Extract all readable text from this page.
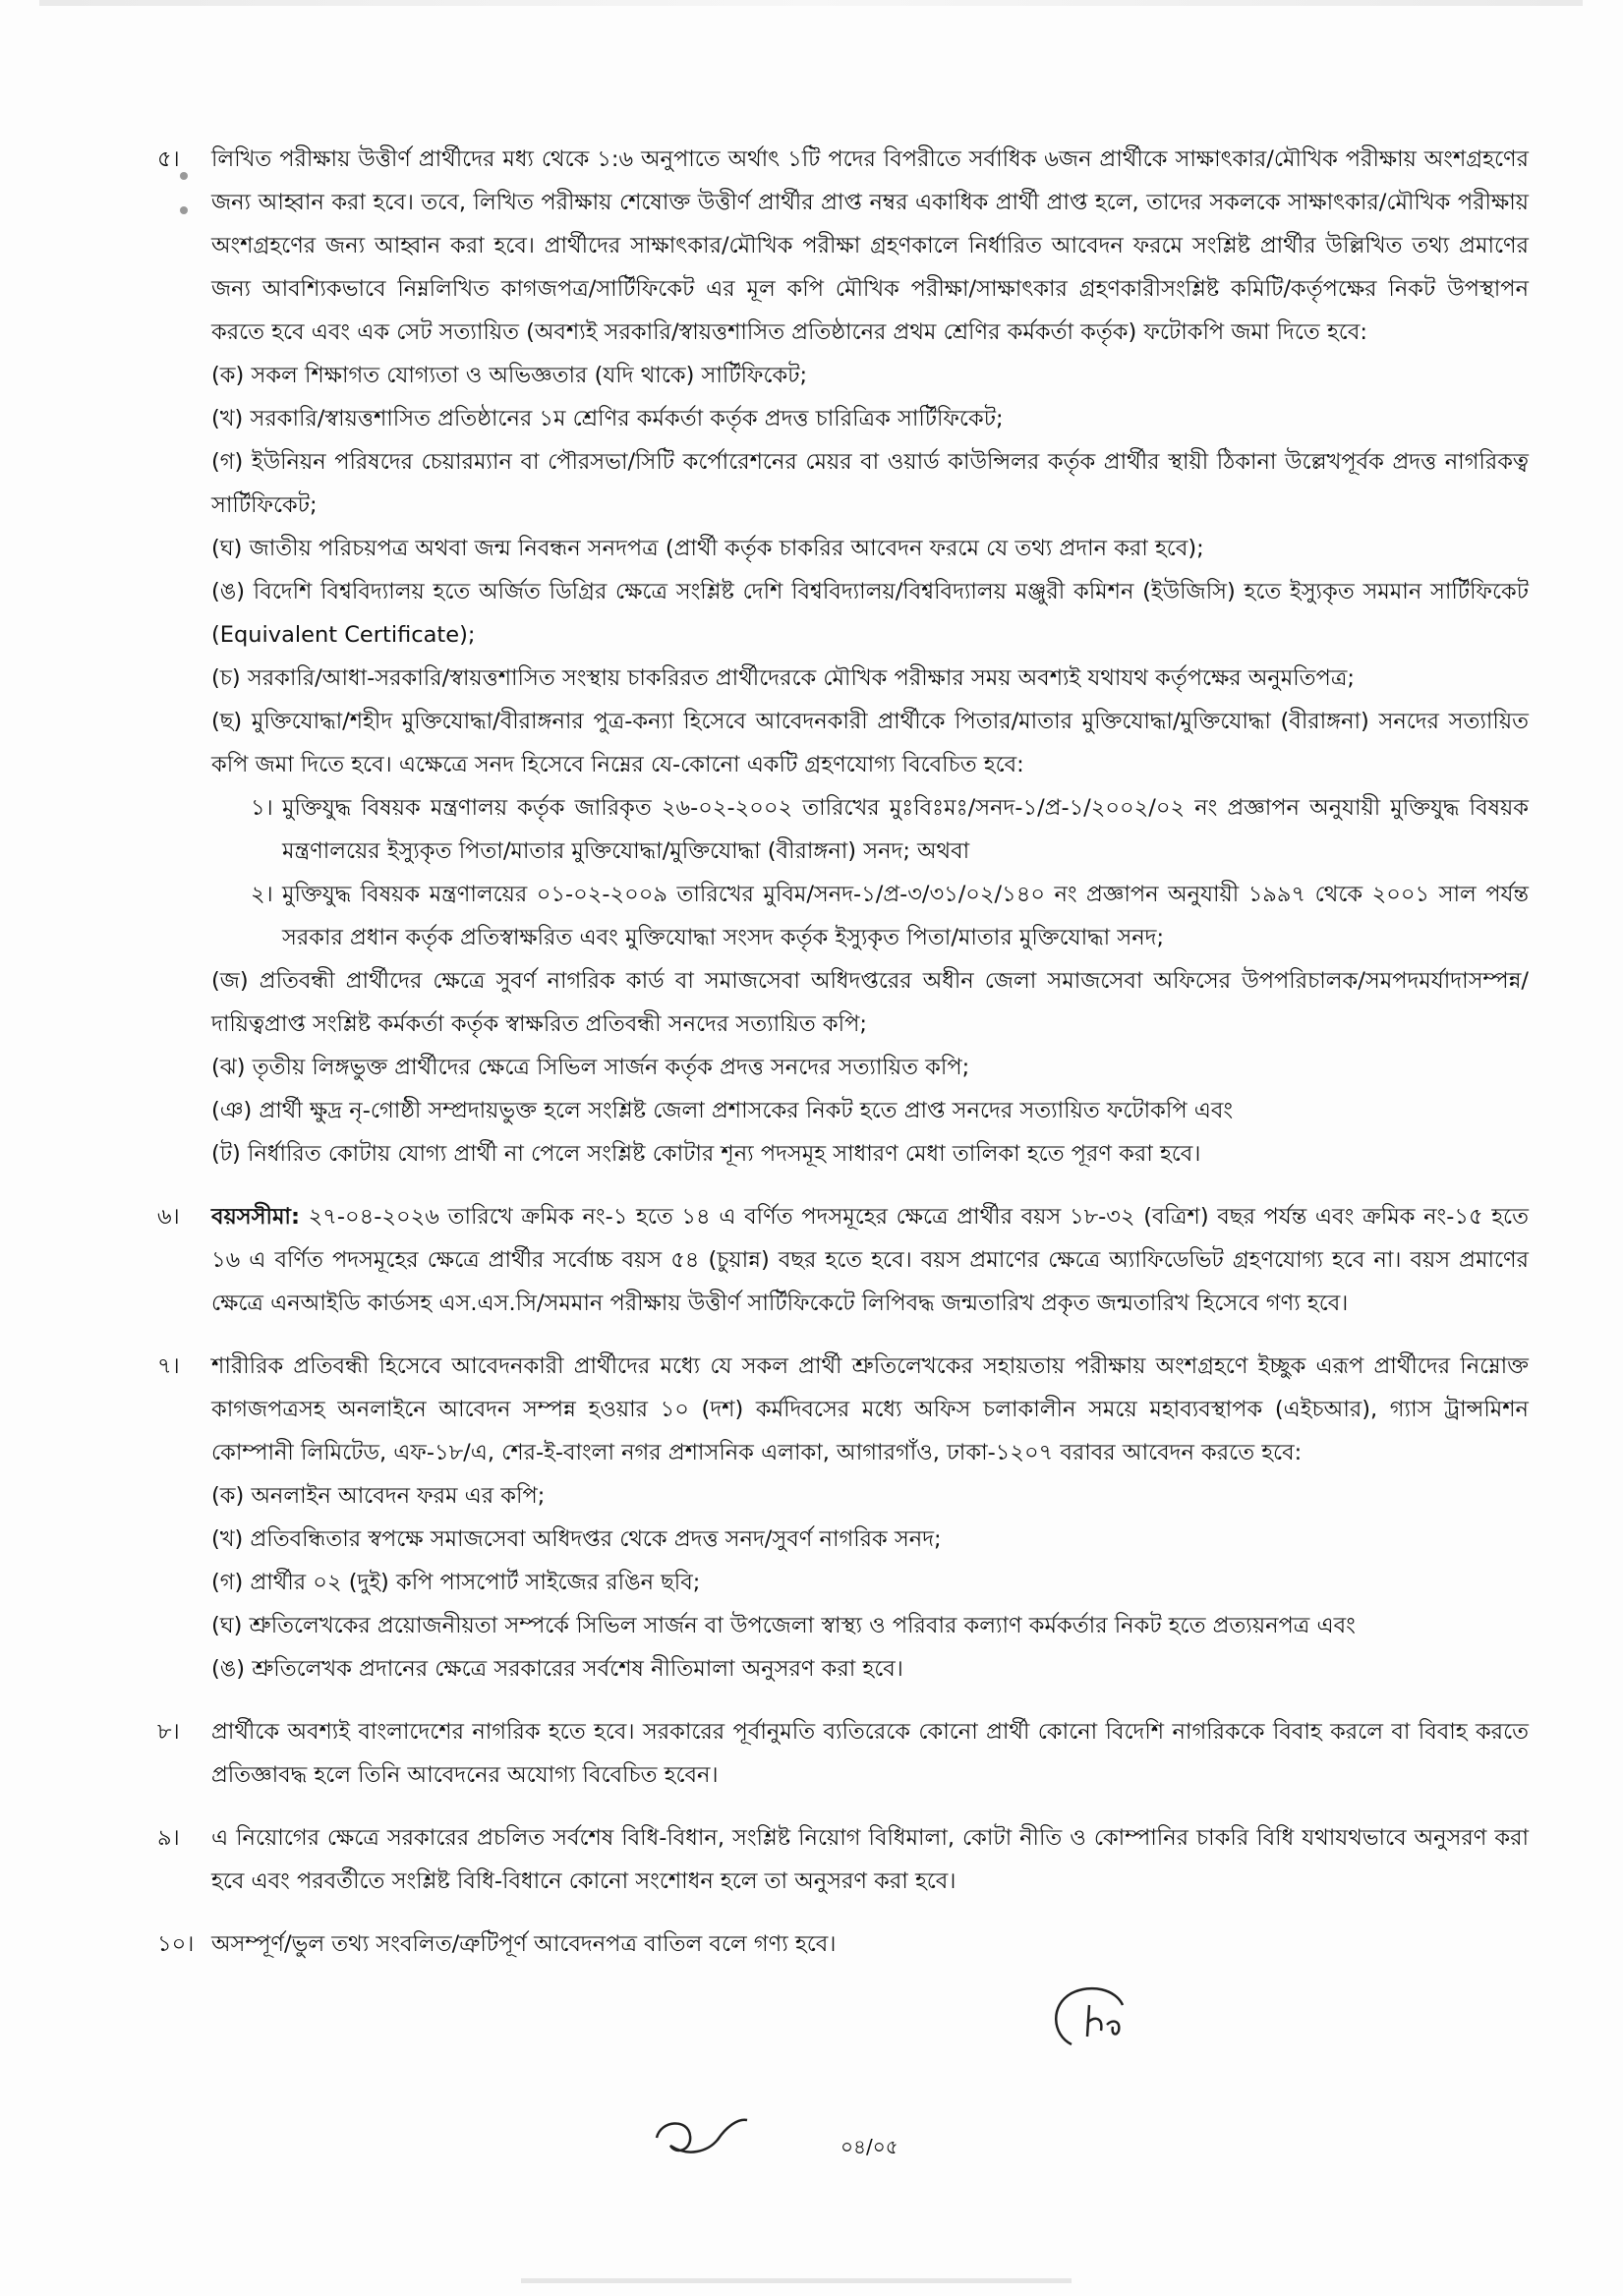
৫। লিখিত পরীক্ষায় উত্তীর্ণ প্রার্থীদের মধ্য থেকে ১:৬ অনুপাতে অর্থাৎ ১টি পদের বিপরীতে সর্বাধিক ৬জন প্রার্থীকে সাক্ষাৎকার/মৌখিক পরীক্ষায় অংশগ্রহণের জন্য আহ্বান করা হবে। তবে, লিখিত পরীক্ষায় শেষোক্ত উত্তীর্ণ প্রার্থীর প্রাপ্ত নম্বর একাধিক প্রার্থী প্রাপ্ত হলে, তাদের সকলকে সাক্ষাৎকার/মৌখিক পরীক্ষায় অংশগ্রহণের জন্য আহ্বান করা হবে। প্রার্থীদের সাক্ষাৎকার/মৌখিক পরীক্ষা গ্রহণকালে নির্ধারিত আবেদন ফরমে সংশ্লিষ্ট প্রার্থীর উল্লিখিত তথ্য প্রমাণের জন্য আবশ্যিকভাবে নিম্নলিখিত কাগজপত্র/সার্টিফিকেট এর মূল কপি মৌখিক পরীক্ষা/সাক্ষাৎকার গ্রহণকারীসংশ্লিষ্ট কমিটি/কর্তৃপক্ষের নিকট উপস্থাপন করতে হবে এবং এক সেট সত্যায়িত (অবশ্যই সরকারি/স্বায়ত্তশাসিত প্রতিষ্ঠানের প্রথম শ্রেণির কর্মকর্তা কর্তৃক) ফটোকপি জমা দিতে হবে:
(ক) সকল শিক্ষাগত যোগ্যতা ও অভিজ্ঞতার (যদি থাকে) সার্টিফিকেট;
(খ) সরকারি/স্বায়ত্তশাসিত প্রতিষ্ঠানের ১ম শ্রেণির কর্মকর্তা কর্তৃক প্রদত্ত চারিত্রিক সার্টিফিকেট;
(গ) ইউনিয়ন পরিষদের চেয়ারম্যান বা পৌরসভা/সিটি কর্পোরেশনের মেয়র বা ওয়ার্ড কাউন্সিলর কর্তৃক প্রার্থীর স্থায়ী ঠিকানা উল্লেখপূর্বক প্রদত্ত নাগরিকত্ব সার্টিফিকেট;
(ঘ) জাতীয় পরিচয়পত্র অথবা জন্ম নিবন্ধন সনদপত্র (প্রার্থী কর্তৃক চাকরির আবেদন ফরমে যে তথ্য প্রদান করা হবে);
(ঙ) বিদেশি বিশ্ববিদ্যালয় হতে অর্জিত ডিগ্রির ক্ষেত্রে সংশ্লিষ্ট দেশি বিশ্ববিদ্যালয়/বিশ্ববিদ্যালয় মঞ্জুরী কমিশন (ইউজিসি) হতে ইস্যুকৃত সমমান সার্টিফিকেট (Equivalent Certificate);
(চ) সরকারি/আধা-সরকারি/স্বায়ত্তশাসিত সংস্থায় চাকরিরত প্রার্থীদেরকে মৌখিক পরীক্ষার সময় অবশ্যই যথাযথ কর্তৃপক্ষের অনুমতিপত্র;
(ছ) মুক্তিযোদ্ধা/শহীদ মুক্তিযোদ্ধা/বীরাঙ্গনার পুত্র-কন্যা হিসেবে আবেদনকারী প্রার্থীকে পিতার/মাতার মুক্তিযোদ্ধা/মুক্তিযোদ্ধা (বীরাঙ্গনা) সনদের সত্যায়িত কপি জমা দিতে হবে। এক্ষেত্রে সনদ হিসেবে নিম্নের যে-কোনো একটি গ্রহণযোগ্য বিবেচিত হবে:
১। মুক্তিযুদ্ধ বিষয়ক মন্ত্রণালয় কর্তৃক জারিকৃত ২৬-০২-২০০২ তারিখের মুঃবিঃমঃ/সনদ-১/প্র-১/২০০২/০২ নং প্রজ্ঞাপন অনুযায়ী মুক্তিযুদ্ধ বিষয়ক মন্ত্রণালয়ের ইস্যুকৃত পিতা/মাতার মুক্তিযোদ্ধা/মুক্তিযোদ্ধা (বীরাঙ্গনা) সনদ; অথবা
২। মুক্তিযুদ্ধ বিষয়ক মন্ত্রণালয়ের ০১-০২-২০০৯ তারিখের মুবিম/সনদ-১/প্র-৩/৩১/০২/১৪০ নং প্রজ্ঞাপন অনুযায়ী ১৯৯৭ থেকে ২০০১ সাল পর্যন্ত সরকার প্রধান কর্তৃক প্রতিস্বাক্ষরিত এবং মুক্তিযোদ্ধা সংসদ কর্তৃক ইস্যুকৃত পিতা/মাতার মুক্তিযোদ্ধা সনদ;
(জ) প্রতিবন্ধী প্রার্থীদের ক্ষেত্রে সুবর্ণ নাগরিক কার্ড বা সমাজসেবা অধিদপ্তরের অধীন জেলা সমাজসেবা অফিসের উপপরিচালক/সমপদমর্যাদাসম্পন্ন/দায়িত্বপ্রাপ্ত সংশ্লিষ্ট কর্মকর্তা কর্তৃক স্বাক্ষরিত প্রতিবন্ধী সনদের সত্যায়িত কপি;
(ঝ) তৃতীয় লিঙ্গভুক্ত প্রার্থীদের ক্ষেত্রে সিভিল সার্জন কর্তৃক প্রদত্ত সনদের সত্যায়িত কপি;
(ঞ) প্রার্থী ক্ষুদ্র নৃ-গোষ্ঠী সম্প্রদায়ভুক্ত হলে সংশ্লিষ্ট জেলা প্রশাসকের নিকট হতে প্রাপ্ত সনদের সত্যায়িত ফটোকপি এবং
(ট) নির্ধারিত কোটায় যোগ্য প্রার্থী না পেলে সংশ্লিষ্ট কোটার শূন্য পদসমূহ সাধারণ মেধা তালিকা হতে পূরণ করা হবে।
৬। বয়সসীমা: ২৭-০৪-২০২৬ তারিখে ক্রমিক নং-১ হতে ১৪ এ বর্ণিত পদসমূহের ক্ষেত্রে প্রার্থীর বয়স ১৮-৩২ (বত্রিশ) বছর পর্যন্ত এবং ক্রমিক নং-১৫ হতে ১৬ এ বর্ণিত পদসমূহের ক্ষেত্রে প্রার্থীর সর্বোচ্চ বয়স ৫৪ (চুয়ান্ন) বছর হতে হবে। বয়স প্রমাণের ক্ষেত্রে অ্যাফিডেভিট গ্রহণযোগ্য হবে না। বয়স প্রমাণের ক্ষেত্রে এনআইডি কার্ডসহ এস.এস.সি/সমমান পরীক্ষায় উত্তীর্ণ সার্টিফিকেটে লিপিবদ্ধ জন্মতারিখ প্রকৃত জন্মতারিখ হিসেবে গণ্য হবে।
৭। শারীরিক প্রতিবন্ধী হিসেবে আবেদনকারী প্রার্থীদের মধ্যে যে সকল প্রার্থী শ্রুতিলেখকের সহায়তায় পরীক্ষায় অংশগ্রহণে ইচ্ছুক এরূপ প্রার্থীদের নিম্নোক্ত কাগজপত্রসহ অনলাইনে আবেদন সম্পন্ন হওয়ার ১০ (দশ) কর্মদিবসের মধ্যে অফিস চলাকালীন সময়ে মহাব্যবস্থাপক (এইচআর), গ্যাস ট্রান্সমিশন কোম্পানী লিমিটেড, এফ-১৮/এ, শের-ই-বাংলা নগর প্রশাসনিক এলাকা, আগারগাঁও, ঢাকা-১২০৭ বরাবর আবেদন করতে হবে:
(ক) অনলাইন আবেদন ফরম এর কপি;
(খ) প্রতিবন্ধিতার স্বপক্ষে সমাজসেবা অধিদপ্তর থেকে প্রদত্ত সনদ/সুবর্ণ নাগরিক সনদ;
(গ) প্রার্থীর ০২ (দুই) কপি পাসপোর্ট সাইজের রঙিন ছবি;
(ঘ) শ্রুতিলেখকের প্রয়োজনীয়তা সম্পর্কে সিভিল সার্জন বা উপজেলা স্বাস্থ্য ও পরিবার কল্যাণ কর্মকর্তার নিকট হতে প্রত্যয়নপত্র এবং
(ঙ) শ্রুতিলেখক প্রদানের ক্ষেত্রে সরকারের সর্বশেষ নীতিমালা অনুসরণ করা হবে।
৮। প্রার্থীকে অবশ্যই বাংলাদেশের নাগরিক হতে হবে। সরকারের পূর্বানুমতি ব্যতিরেকে কোনো প্রার্থী কোনো বিদেশি নাগরিককে বিবাহ করলে বা বিবাহ করতে প্রতিজ্ঞাবদ্ধ হলে তিনি আবেদনের অযোগ্য বিবেচিত হবেন।
৯। এ নিয়োগের ক্ষেত্রে সরকারের প্রচলিত সর্বশেষ বিধি-বিধান, সংশ্লিষ্ট নিয়োগ বিধিমালা, কোটা নীতি ও কোম্পানির চাকরি বিধি যথাযথভাবে অনুসরণ করা হবে এবং পরবর্তীতে সংশ্লিষ্ট বিধি-বিধানে কোনো সংশোধন হলে তা অনুসরণ করা হবে।
১০। অসম্পূর্ণ/ভুল তথ্য সংবলিত/ত্রুটিপূর্ণ আবেদনপত্র বাতিল বলে গণ্য হবে।
০৪/০৫
